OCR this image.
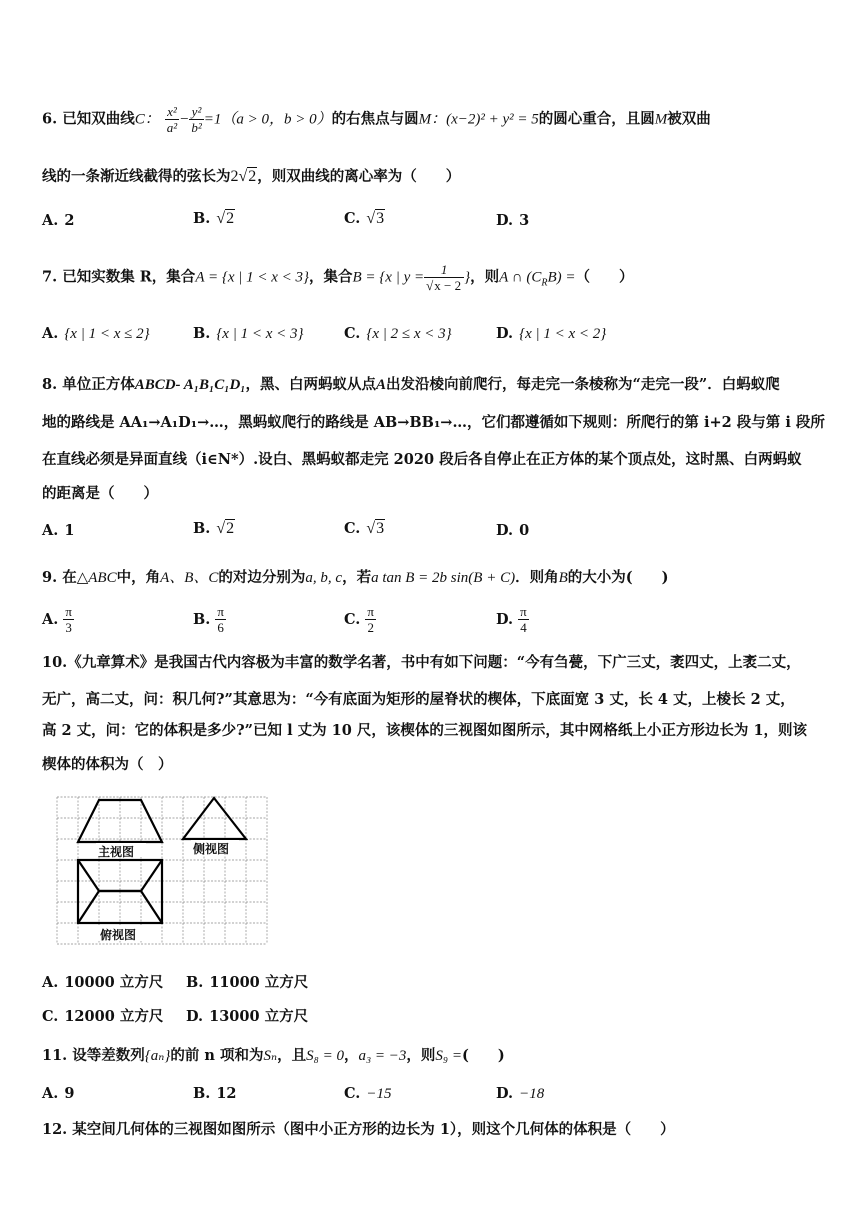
6. 已知双曲线C： $\frac{\text{x²}}{\text{a²}} - \frac{\text{y²}}{\text{b²}} =1(a > 0$，b > 0）的右焦点与圆M：(x−2)² + y² = 5的圆心重合，且圆M被双曲
线的一条渐近线截得的弦长为2√2，则双曲线的离心率为（　　）
A. 2	B. √2	C. √3	D. 3
7. 已知实数集 R，集合A = {x | 1 < x < 3}，集合B = {x | $y = \frac{1}{√x - 2}$ }，则A ∩ $(C_RB)$ =（　　）
A. {x | 1 < x ≤ 2}	B. {x | 1 < x < 3}	C. {x | 2 ≤ x < 3}	D. {x | 1 < x < 2}
8. 单位正方体ABCD- A₁B₁C₁D₁，黑、白两蚂蚁从点A出发沿棱向前爬行，每走完一条棱称为“走完一段”．白蚂蚁爬
地的路线是 AA₁→A₁D₁→…，黑蚂蚁爬行的路线是 AB→BB₁→…，它们都遵循如下规则：所爬行的第 i+2 段与第 i 段所
在直线必须是异面直线（i∈N*）.设白、黑蚂蚁都走完 2020 段后各自停止在正方体的某个顶点处，这时黑、白两蚂蚁
的距离是（　　）
A. 1	B. √2	C. √3	D. 0
9. 在△ABC中，角A、B、C的对边分别为a, b, c，若a tan B = 2b sin(B + C)．则角B的大小为(　　)
A. $\frac{\pi}{3}$	B. $\frac{\pi}{6}$	C. $\frac{\pi}{2}$	D. $\frac{\pi}{4}$
10.《九章算术》是我国古代内容极为丰富的数学名著，书中有如下问题：“今有刍甍，下广三丈，袤四丈，上袤二丈，
无广，高二丈，问：积几何?”其意思为：“今有底面为矩形的屋脊状的楔体，下底面宽 3 丈，长 4 丈，上棱长 2 丈，
高 2 丈，问：它的体积是多少?”已知 l 丈为 10 尺，该楔体的三视图如图所示，其中网格纸上小正方形边长为 1，则该
楔体的体积为（　）
主视图	侧视图
俯视图
A. 10000 立方尺 B. 11000 立方尺
C. 12000 立方尺 D. 13000 立方尺
11. 设等差数列{aₙ}的前 n 项和为Sₙ，且S₈ = 0，a₃ = −3，则S₉ =(　　)
A. 9	B. 12	C. −15	D. −18
12. 某空间几何体的三视图如图所示（图中小正方形的边长为 1），则这个几何体的体积是（　　）
